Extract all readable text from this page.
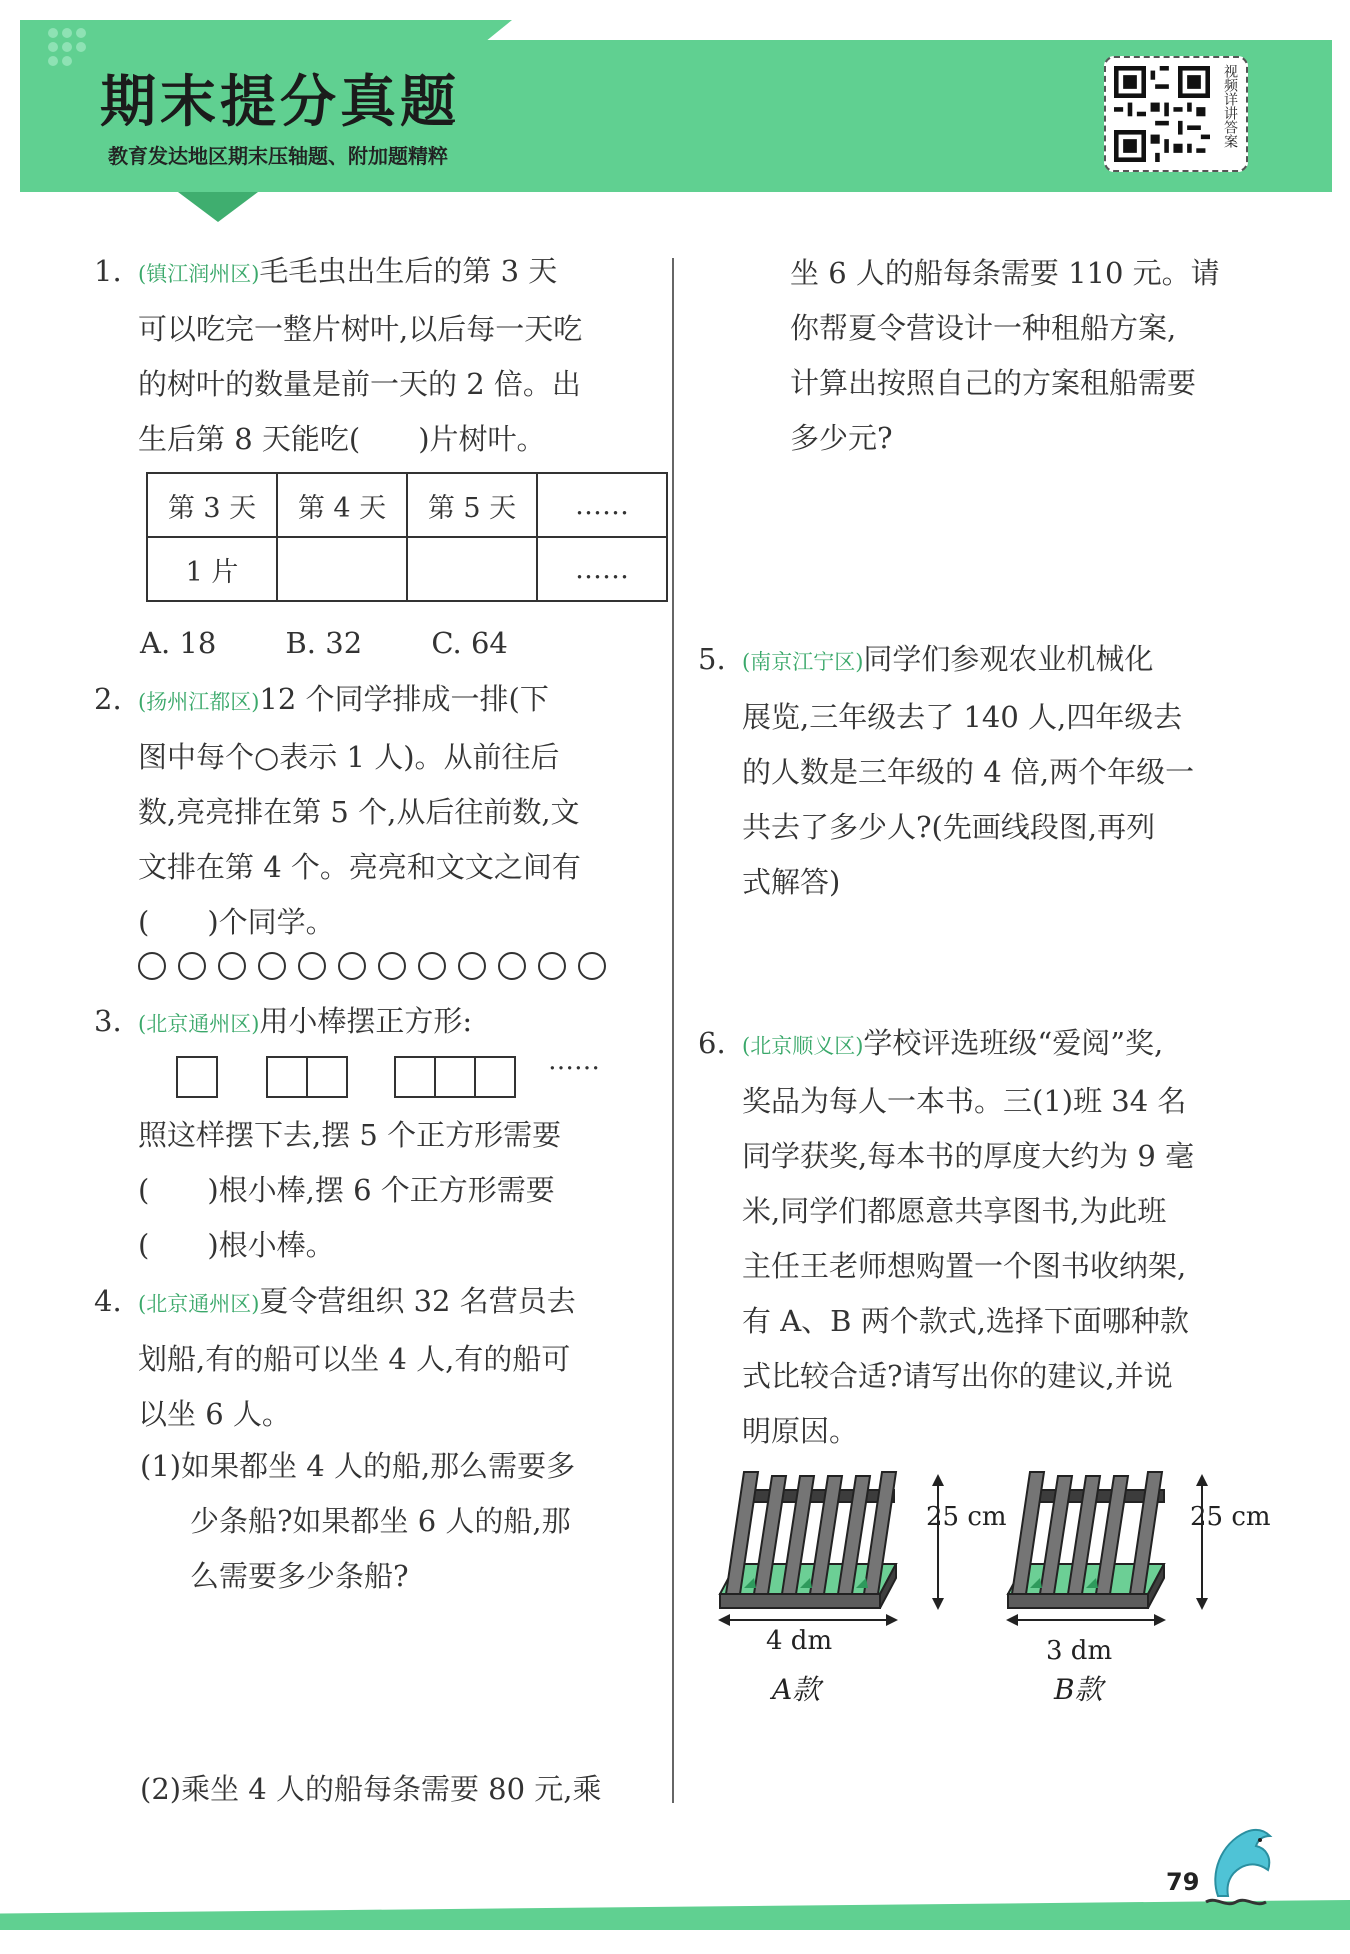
期末提分真题
教育发达地区期末压轴题、附加题精粹
视频详讲答案
1. (镇江润州区)毛毛虫出生后的第 3 天

可以吃完一整片树叶,以后每一天吃

的树叶的数量是前一天的 2 倍。出

生后第 8 天能吃(　　)片树叶。

第 3 天	第 4 天	第 5 天	……
1 片			……
A. 18 B. 32 C. 64
2. (扬州江都区)12 个同学排成一排(下

图中每个○表示 1 人)。从前往后

数,亮亮排在第 5 个,从后往前数,文

文排在第 4 个。亮亮和文文之间有

(　　)个同学。

3. (北京通州区)用小棒摆正方形:

……

照这样摆下去,摆 5 个正方形需要

(　　)根小棒,摆 6 个正方形需要

(　　)根小棒。

4. (北京通州区)夏令营组织 32 名营员去

划船,有的船可以坐 4 人,有的船可

以坐 6 人。

(1)如果都坐 4 人的船,那么需要多

少条船?如果都坐 6 人的船,那

么需要多少条船?

(2)乘坐 4 人的船每条需要 80 元,乘

坐 6 人的船每条需要 110 元。请

你帮夏令营设计一种租船方案,

计算出按照自己的方案租船需要

多少元?

5. (南京江宁区)同学们参观农业机械化

展览,三年级去了 140 人,四年级去

的人数是三年级的 4 倍,两个年级一

共去了多少人?(先画线段图,再列

式解答)

6. (北京顺义区)学校评选班级“爱阅”奖,

奖品为每人一本书。三(1)班 34 名

同学获奖,每本书的厚度大约为 9 毫

米,同学们都愿意共享图书,为此班

主任王老师想购置一个图书收纳架,

有 A、B 两个款式,选择下面哪种款

式比较合适?请写出你的建议,并说

明原因。

25 cm
4 dm
A款
25 cm
3 dm
B款
79
